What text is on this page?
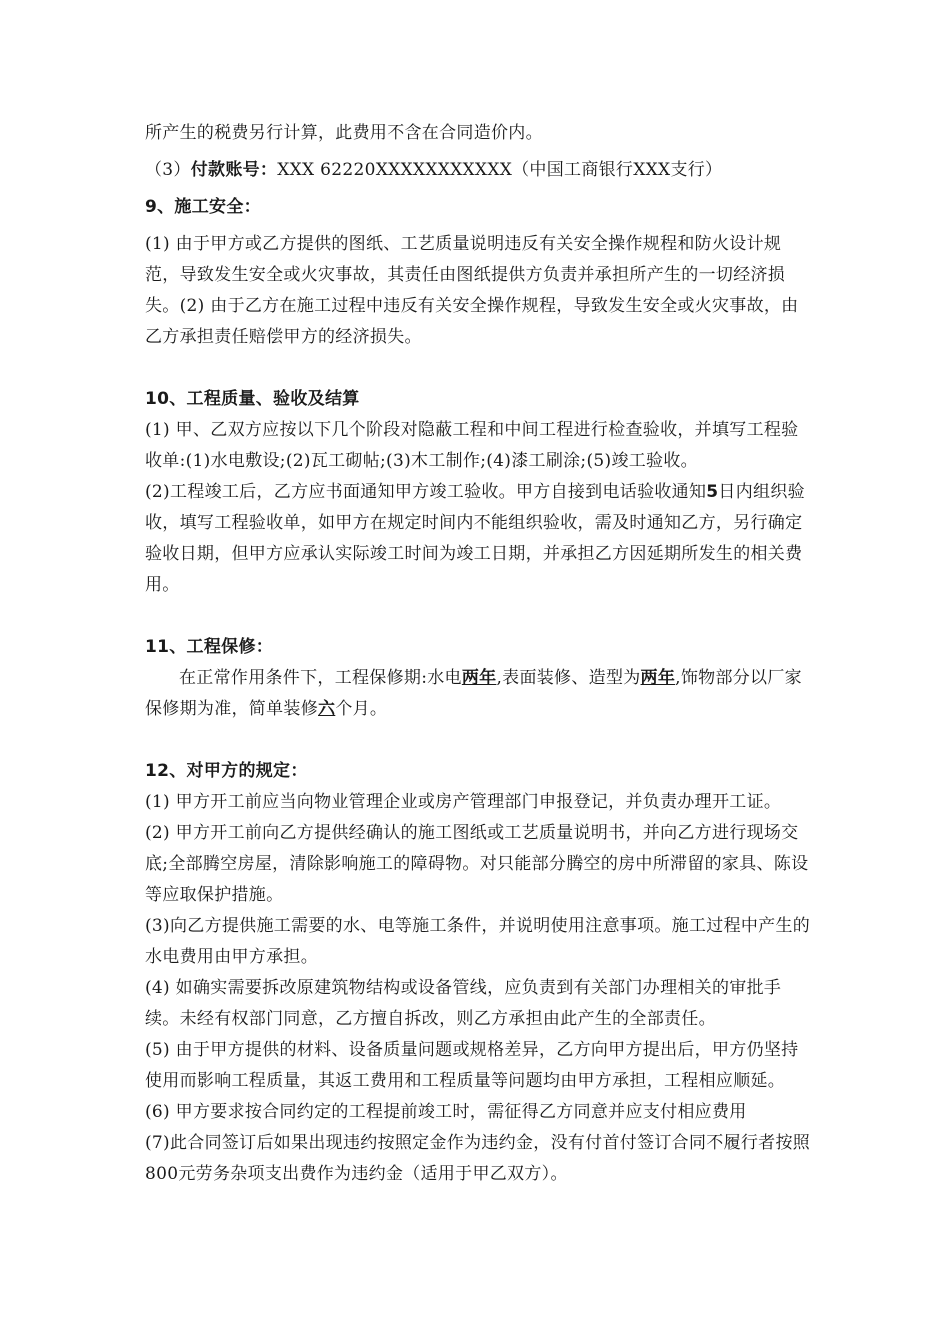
所产生的税费另行计算，此费用不含在合同造价内。

（3）付款账号：XXX 62220XXXXXXXXXXX（中国工商银行XXX支行）

9、施工安全：

(1) 由于甲方或乙方提供的图纸、工艺质量说明违反有关安全操作规程和防火设计规范，导致发生安全或火灾事故，其责任由图纸提供方负责并承担所产生的一切经济损失。(2) 由于乙方在施工过程中违反有关安全操作规程，导致发生安全或火灾事故，由乙方承担责任赔偿甲方的经济损失。

10、工程质量、验收及结算

(1) 甲、乙双方应按以下几个阶段对隐蔽工程和中间工程进行检查验收，并填写工程验收单:(1)水电敷设;(2)瓦工砌帖;(3)木工制作;(4)漆工刷涂;(5)竣工验收。

(2)工程竣工后，乙方应书面通知甲方竣工验收。甲方自接到电话验收通知5日内组织验收，填写工程验收单，如甲方在规定时间内不能组织验收，需及时通知乙方，另行确定验收日期，但甲方应承认实际竣工时间为竣工日期，并承担乙方因延期所发生的相关费用。

11、工程保修：

在正常作用条件下，工程保修期:水电两年,表面装修、造型为两年,饰物部分以厂家保修期为准，简单装修六个月。

12、对甲方的规定：

(1) 甲方开工前应当向物业管理企业或房产管理部门申报登记，并负责办理开工证。

(2) 甲方开工前向乙方提供经确认的施工图纸或工艺质量说明书，并向乙方进行现场交底;全部腾空房屋，清除影响施工的障碍物。对只能部分腾空的房中所滞留的家具、陈设等应取保护措施。

(3)向乙方提供施工需要的水、电等施工条件，并说明使用注意事项。施工过程中产生的水电费用由甲方承担。

(4) 如确实需要拆改原建筑物结构或设备管线，应负责到有关部门办理相关的审批手续。未经有权部门同意，乙方擅自拆改，则乙方承担由此产生的全部责任。

(5) 由于甲方提供的材料、设备质量问题或规格差异，乙方向甲方提出后，甲方仍坚持使用而影响工程质量，其返工费用和工程质量等问题均由甲方承担，工程相应顺延。

(6) 甲方要求按合同约定的工程提前竣工时，需征得乙方同意并应支付相应费用

(7)此合同签订后如果出现违约按照定金作为违约金，没有付首付签订合同不履行者按照800元劳务杂项支出费作为违约金（适用于甲乙双方）。
